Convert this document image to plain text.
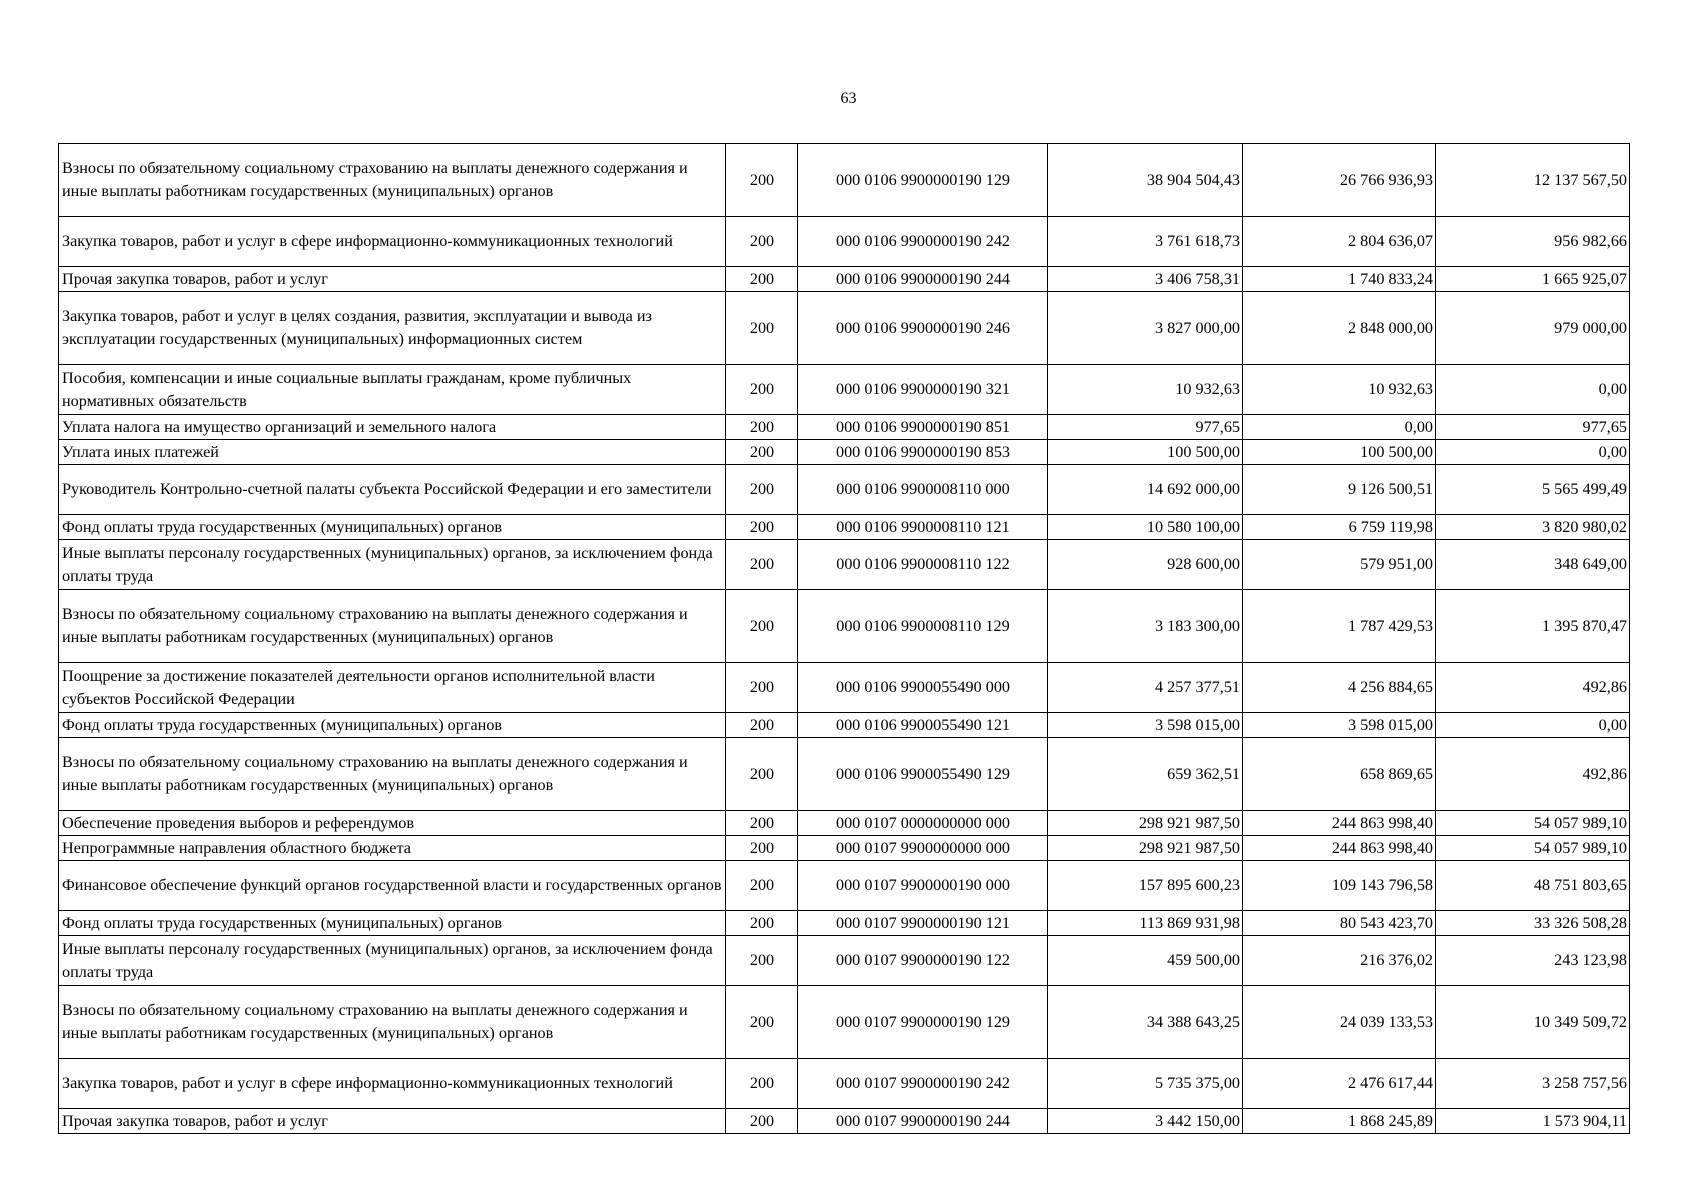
63
Взносы по обязательному социальному страхованию на выплаты денежного содержания и иные выплаты работникам государственных (муниципальных) органов	200	000 0106 9900000190 129	38 904 504,43	26 766 936,93	12 137 567,50
Закупка товаров, работ и услуг в сфере информационно-коммуникационных технологий	200	000 0106 9900000190 242	3 761 618,73	2 804 636,07	956 982,66
Прочая закупка товаров, работ и услуг	200	000 0106 9900000190 244	3 406 758,31	1 740 833,24	1 665 925,07
Закупка товаров, работ и услуг в целях создания, развития, эксплуатации и вывода из эксплуатации государственных (муниципальных) информационных систем	200	000 0106 9900000190 246	3 827 000,00	2 848 000,00	979 000,00
Пособия, компенсации и иные социальные выплаты гражданам, кроме публичных нормативных обязательств	200	000 0106 9900000190 321	10 932,63	10 932,63	0,00
Уплата налога на имущество организаций и земельного налога	200	000 0106 9900000190 851	977,65	0,00	977,65
Уплата иных платежей	200	000 0106 9900000190 853	100 500,00	100 500,00	0,00
Руководитель Контрольно-счетной палаты субъекта Российской Федерации и его заместители	200	000 0106 9900008110 000	14 692 000,00	9 126 500,51	5 565 499,49
Фонд оплаты труда государственных (муниципальных) органов	200	000 0106 9900008110 121	10 580 100,00	6 759 119,98	3 820 980,02
Иные выплаты персоналу государственных (муниципальных) органов, за исключением фонда оплаты труда	200	000 0106 9900008110 122	928 600,00	579 951,00	348 649,00
Взносы по обязательному социальному страхованию на выплаты денежного содержания и иные выплаты работникам государственных (муниципальных) органов	200	000 0106 9900008110 129	3 183 300,00	1 787 429,53	1 395 870,47
Поощрение за достижение показателей деятельности органов исполнительной власти субъектов Российской Федерации	200	000 0106 9900055490 000	4 257 377,51	4 256 884,65	492,86
Фонд оплаты труда государственных (муниципальных) органов	200	000 0106 9900055490 121	3 598 015,00	3 598 015,00	0,00
Взносы по обязательному социальному страхованию на выплаты денежного содержания и иные выплаты работникам государственных (муниципальных) органов	200	000 0106 9900055490 129	659 362,51	658 869,65	492,86
Обеспечение проведения выборов и референдумов	200	000 0107 0000000000 000	298 921 987,50	244 863 998,40	54 057 989,10
Непрограммные направления областного бюджета	200	000 0107 9900000000 000	298 921 987,50	244 863 998,40	54 057 989,10
Финансовое обеспечение функций органов государственной власти и государственных органов	200	000 0107 9900000190 000	157 895 600,23	109 143 796,58	48 751 803,65
Фонд оплаты труда государственных (муниципальных) органов	200	000 0107 9900000190 121	113 869 931,98	80 543 423,70	33 326 508,28
Иные выплаты персоналу государственных (муниципальных) органов, за исключением фонда оплаты труда	200	000 0107 9900000190 122	459 500,00	216 376,02	243 123,98
Взносы по обязательному социальному страхованию на выплаты денежного содержания и иные выплаты работникам государственных (муниципальных) органов	200	000 0107 9900000190 129	34 388 643,25	24 039 133,53	10 349 509,72
Закупка товаров, работ и услуг в сфере информационно-коммуникационных технологий	200	000 0107 9900000190 242	5 735 375,00	2 476 617,44	3 258 757,56
Прочая закупка товаров, работ и услуг	200	000 0107 9900000190 244	3 442 150,00	1 868 245,89	1 573 904,11
